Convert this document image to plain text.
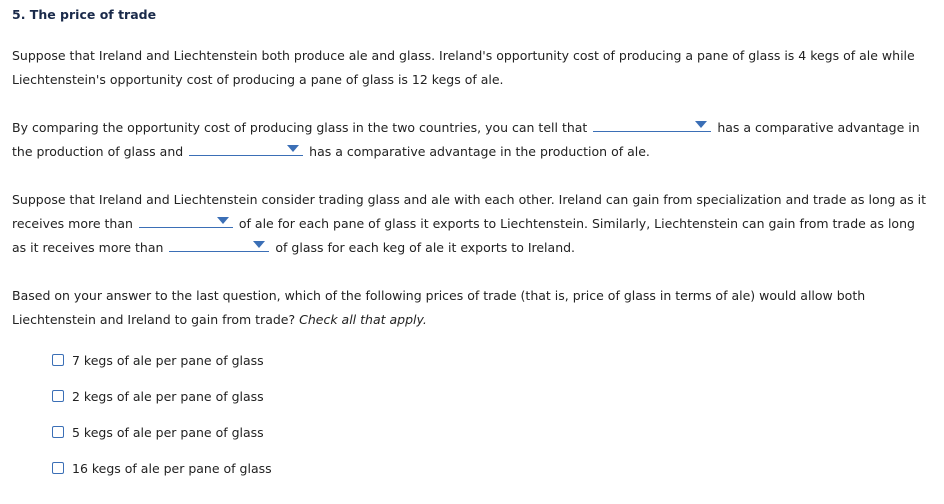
5. The price of trade
Suppose that Ireland and Liechtenstein both produce ale and glass. Ireland's opportunity cost of producing a pane of glass is 4 kegs of ale while Liechtenstein's opportunity cost of producing a pane of glass is 12 kegs of ale.
By comparing the opportunity cost of producing glass in the two countries, you can tell that	has a comparative advantage in the production of glass and	has a comparative advantage in the production of ale.
Suppose that Ireland and Liechtenstein consider trading glass and ale with each other. Ireland can gain from specialization and trade as long as it receives more than	of ale for each pane of glass it exports to Liechtenstein. Similarly, Liechtenstein can gain from trade as long as it receives more than	of glass for each keg of ale it exports to Ireland.
Based on your answer to the last question, which of the following prices of trade (that is, price of glass in terms of ale) would allow both Liechtenstein and Ireland to gain from trade? Check all that apply.
7 kegs of ale per pane of glass
2 kegs of ale per pane of glass
5 kegs of ale per pane of glass
16 kegs of ale per pane of glass
